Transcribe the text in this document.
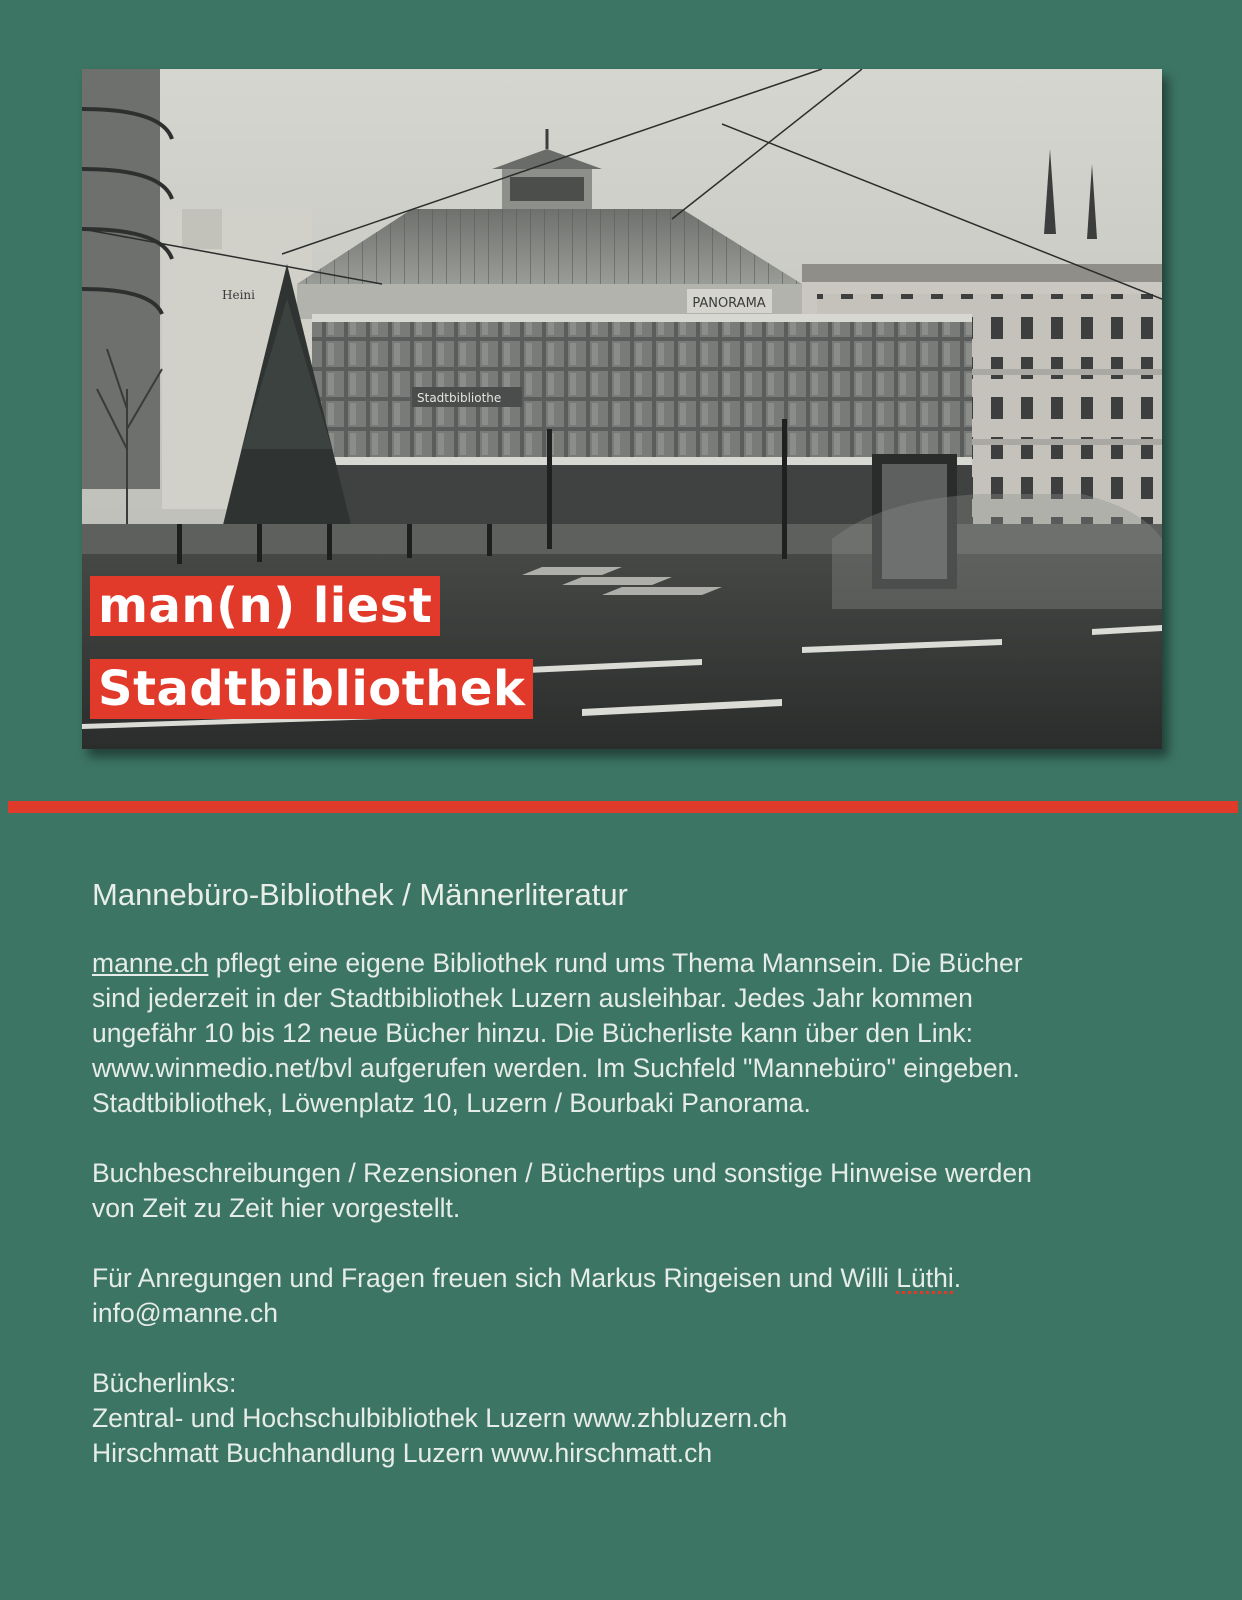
Heini
PANORAMA
Stadtbibliothe
man(n) liest
Stadtbibliothek
Mannebüro-Bibliothek / Männerliteratur

manne.ch pflegt eine eigene Bibliothek rund ums Thema Mannsein. Die Bücher
sind jederzeit in der Stadtbibliothek Luzern ausleihbar. Jedes Jahr kommen
ungefähr 10 bis 12 neue Bücher hinzu. Die Bücherliste kann über den Link:
www.winmedio.net/bvl aufgerufen werden. Im Suchfeld "Mannebüro" eingeben.
Stadtbibliothek, Löwenplatz 10, Luzern / Bourbaki Panorama.

Buchbeschreibungen / Rezensionen / Büchertips und sonstige Hinweise werden
von Zeit zu Zeit hier vorgestellt.

Für Anregungen und Fragen freuen sich Markus Ringeisen und Willi Lüthi.
info@manne.ch

Bücherlinks:
Zentral- und Hochschulbibliothek Luzern www.zhbluzern.ch
Hirschmatt Buchhandlung Luzern www.hirschmatt.ch
